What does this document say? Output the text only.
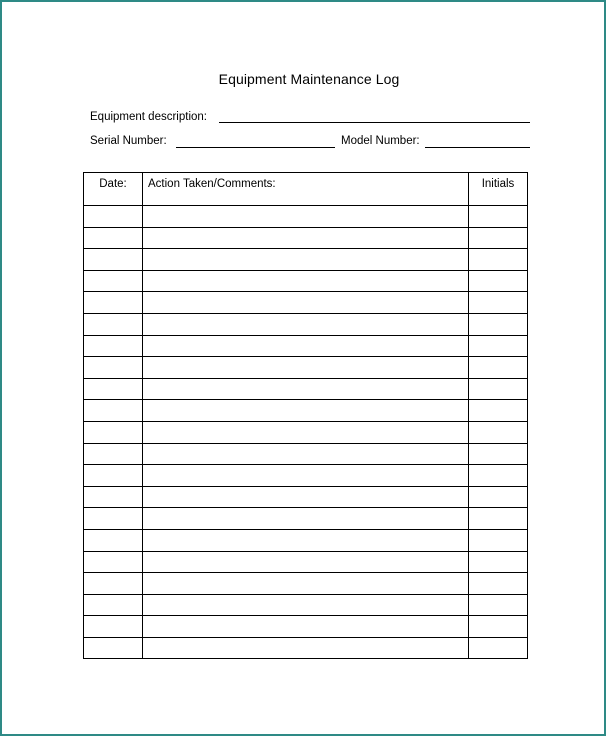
Equipment Maintenance Log
Equipment description:
Serial Number:	Model Number:
Date:	Action Taken/Comments:	Initials
